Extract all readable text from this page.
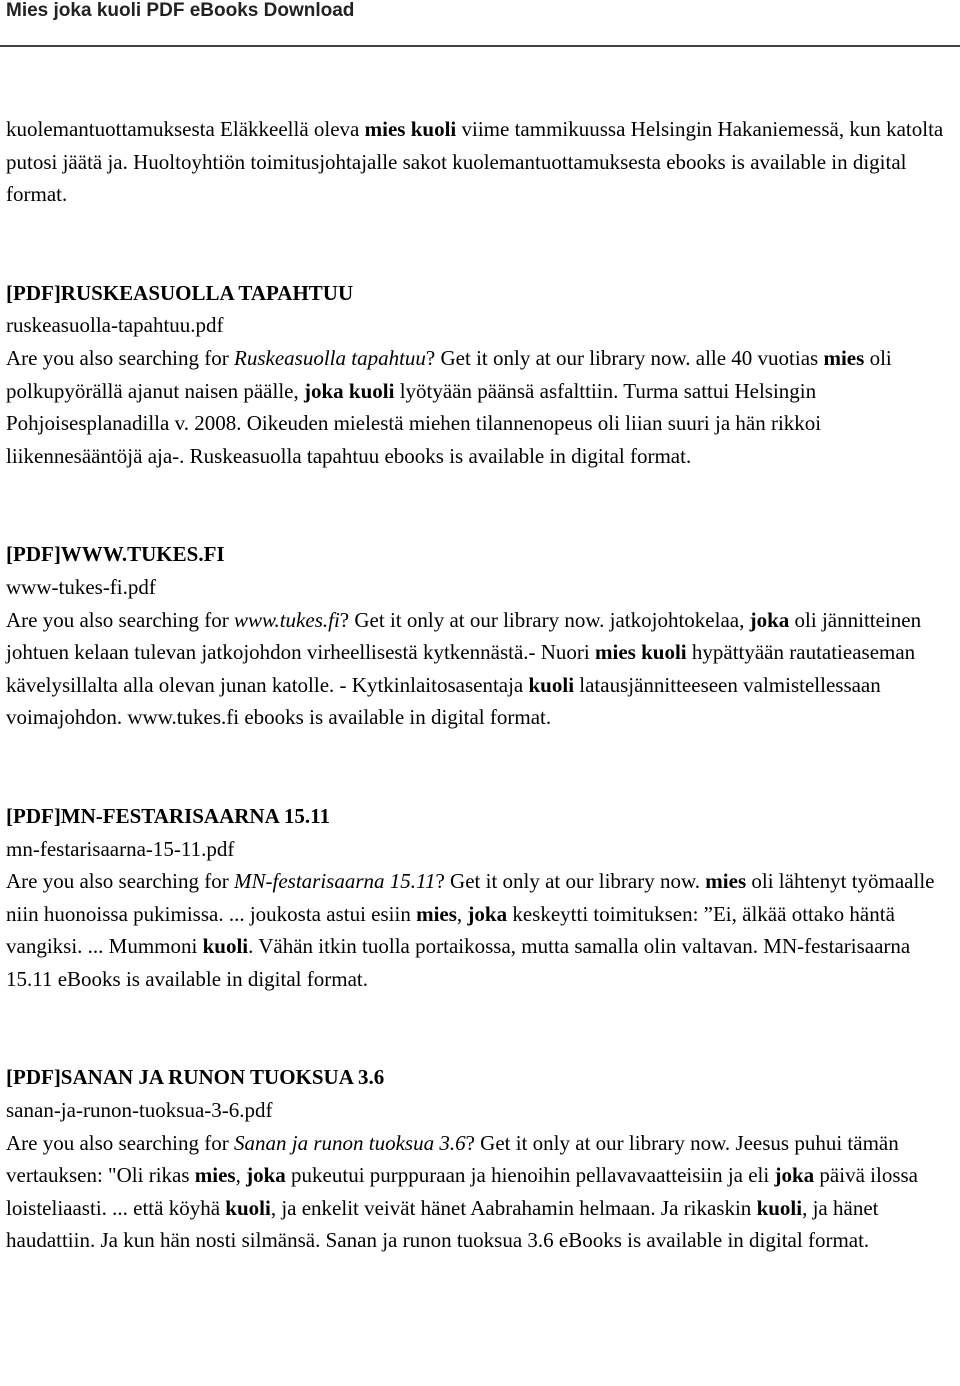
Mies joka kuoli PDF eBooks Download

kuolemantuottamuksesta Eläkkeellä oleva mies kuoli viime tammikuussa Helsingin Hakaniemessä, kun katolta putosi jäätä ja. Huoltoyhtiön toimitusjohtajalle sakot kuolemantuottamuksesta ebooks is available in digital format.

[PDF]RUSKEASUOLLA TAPAHTUU

ruskeasuolla-tapahtuu.pdf

Are you also searching for Ruskeasuolla tapahtuu? Get it only at our library now. alle 40 vuotias mies oli polkupyörällä ajanut naisen päälle, joka kuoli lyötyään päänsä asfalttiin. Turma sattui Helsingin Pohjoisesplanadilla v. 2008. Oikeuden mielestä miehen tilannenopeus oli liian suuri ja hän rikkoi liikennesääntöjä aja-. Ruskeasuolla tapahtuu ebooks is available in digital format.

[PDF]WWW.TUKES.FI

www-tukes-fi.pdf

Are you also searching for www.tukes.fi? Get it only at our library now. jatkojohtokelaa, joka oli jännitteinen johtuen kelaan tulevan jatkojohdon virheellisestä kytkennästä.- Nuori mies kuoli hypättyään rautatieaseman kävelysillalta alla olevan junan katolle. - Kytkinlaitosasentaja kuoli latausjännitteeseen valmistellessaan voimajohdon. www.tukes.fi ebooks is available in digital format.

[PDF]MN-FESTARISAARNA 15.11

mn-festarisaarna-15-11.pdf

Are you also searching for MN-festarisaarna 15.11? Get it only at our library now. mies oli lähtenyt työmaalle niin huonoissa pukimissa. ... joukosta astui esiin mies, joka keskeytti toimituksen: ”Ei, älkää ottako häntä vangiksi. ... Mummoni kuoli. Vähän itkin tuolla portaikossa, mutta samalla olin valtavan. MN-festarisaarna 15.11 eBooks is available in digital format.

[PDF]SANAN JA RUNON TUOKSUA 3.6

sanan-ja-runon-tuoksua-3-6.pdf

Are you also searching for Sanan ja runon tuoksua 3.6? Get it only at our library now. Jeesus puhui tämän vertauksen: "Oli rikas mies, joka pukeutui purppuraan ja hienoihin pellavavaatteisiin ja eli joka päivä ilossa loisteliaasti. ... että köyhä kuoli, ja enkelit veivät hänet Aabrahamin helmaan. Ja rikaskin kuoli, ja hänet haudattiin. Ja kun hän nosti silmänsä. Sanan ja runon tuoksua 3.6 eBooks is available in digital format.
